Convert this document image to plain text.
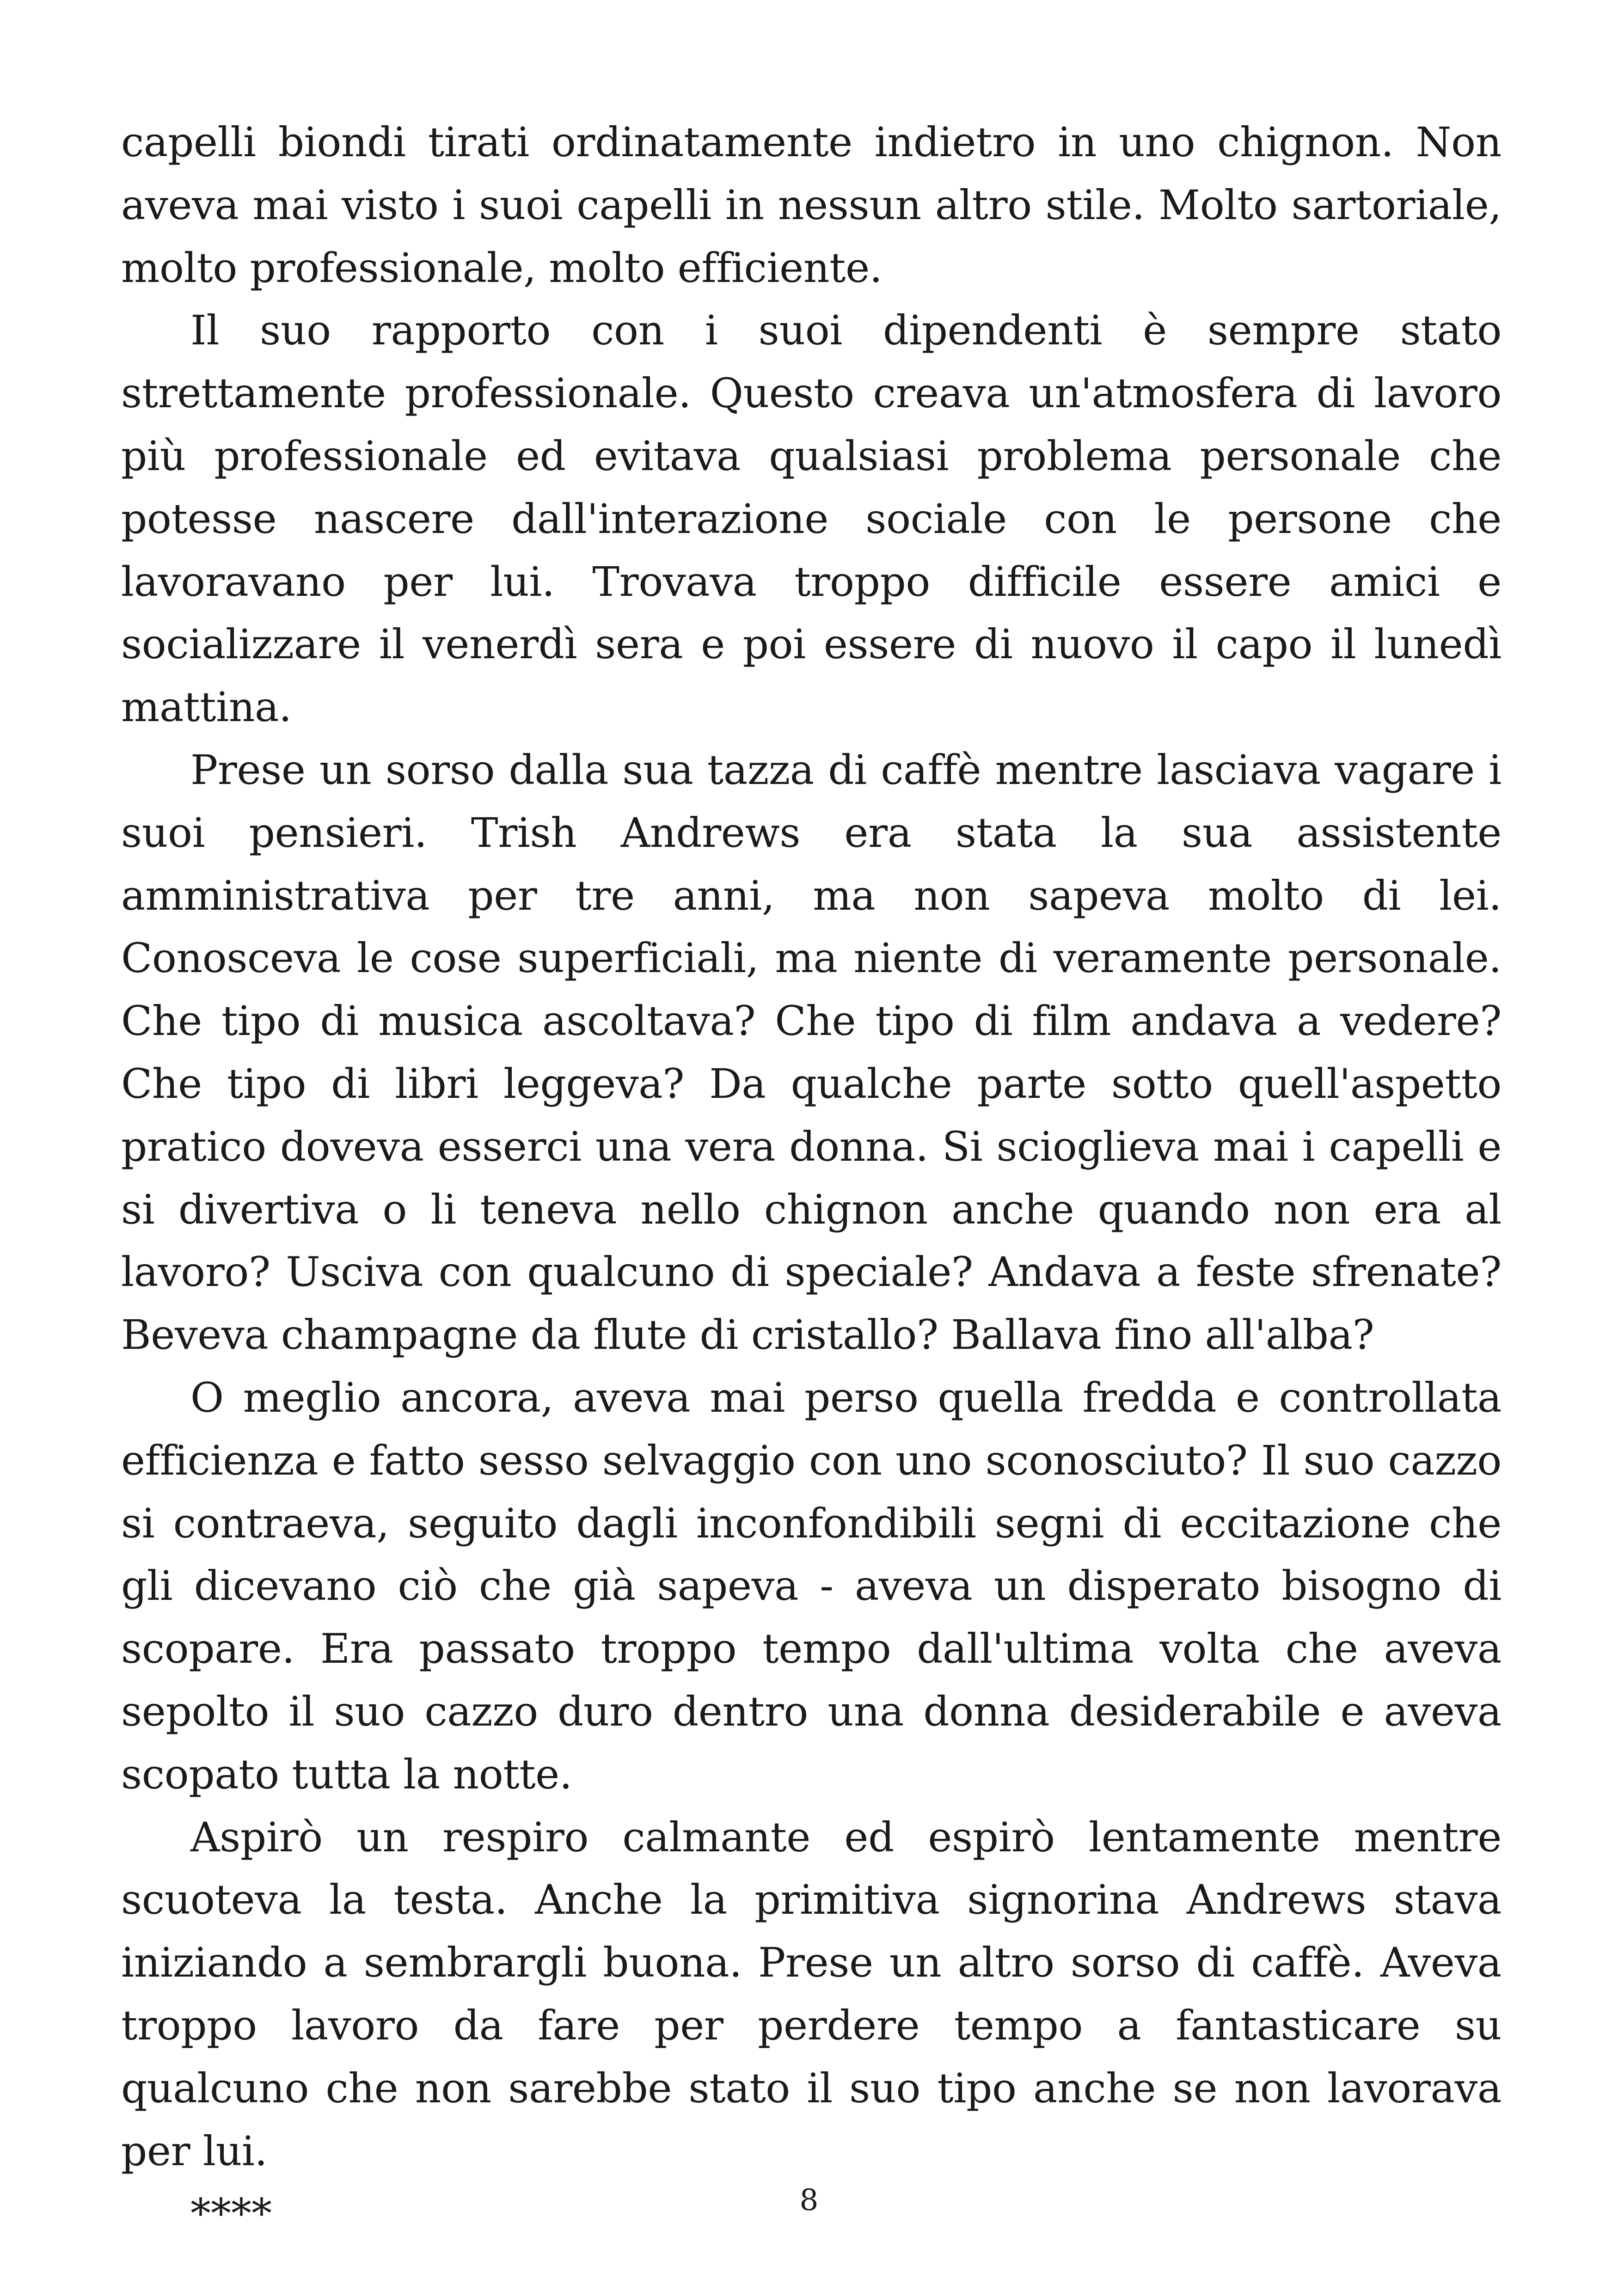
capelli biondi tirati ordinatamente indietro in uno chignon. Non aveva mai visto i suoi capelli in nessun altro stile. Molto sartoriale, molto professionale, molto efficiente.

Il suo rapporto con i suoi dipendenti è sempre stato strettamente professionale. Questo creava un'atmosfera di lavoro più professionale ed evitava qualsiasi problema personale che potesse nascere dall'interazione sociale con le persone che lavoravano per lui. Trovava troppo difficile essere amici e socializzare il venerdì sera e poi essere di nuovo il capo il lunedì mattina.

Prese un sorso dalla sua tazza di caffè mentre lasciava vagare i suoi pensieri. Trish Andrews era stata la sua assistente amministrativa per tre anni, ma non sapeva molto di lei. Conosceva le cose superficiali, ma niente di veramente personale. Che tipo di musica ascoltava? Che tipo di film andava a vedere? Che tipo di libri leggeva? Da qualche parte sotto quell'aspetto pratico doveva esserci una vera donna. Si scioglieva mai i capelli e si divertiva o li teneva nello chignon anche quando non era al lavoro? Usciva con qualcuno di speciale? Andava a feste sfrenate? Beveva champagne da flute di cristallo? Ballava fino all'alba?

O meglio ancora, aveva mai perso quella fredda e controllata efficienza e fatto sesso selvaggio con uno sconosciuto? Il suo cazzo si contraeva, seguito dagli inconfondibili segni di eccitazione che gli dicevano ciò che già sapeva - aveva un disperato bisogno di scopare. Era passato troppo tempo dall'ultima volta che aveva sepolto il suo cazzo duro dentro una donna desiderabile e aveva scopato tutta la notte.

Aspirò un respiro calmante ed espirò lentamente mentre scuoteva la testa. Anche la primitiva signorina Andrews stava iniziando a sembrargli buona. Prese un altro sorso di caffè. Aveva troppo lavoro da fare per perdere tempo a fantasticare su qualcuno che non sarebbe stato il suo tipo anche se non lavorava per lui.

****	8
